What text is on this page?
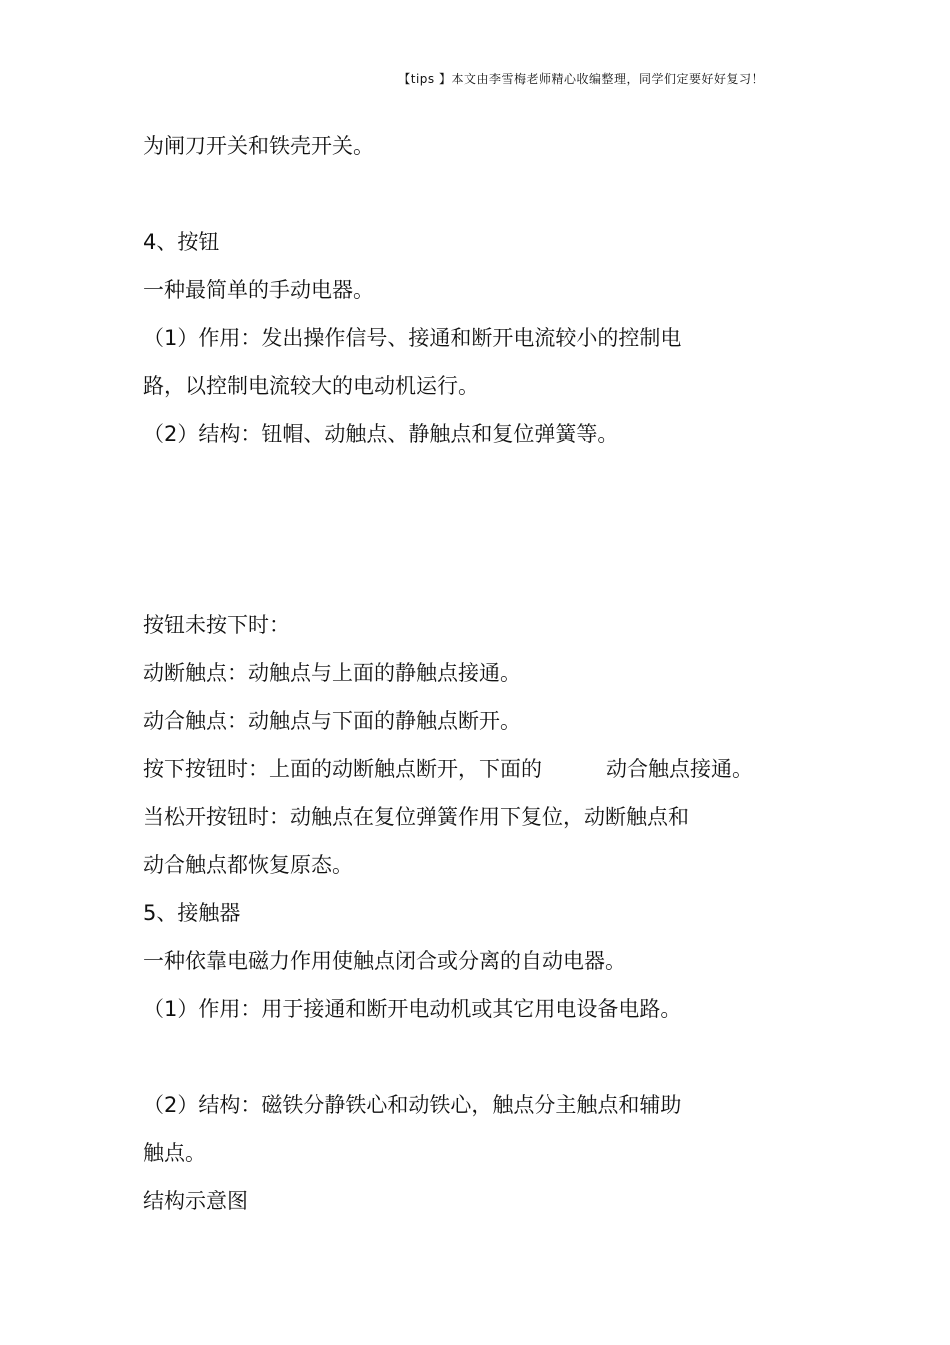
【tips 】本文由李雪梅老师精心收编整理，同学们定要好好复习！
为闸刀开关和铁壳开关。
4、按钮
一种最简单的手动电器。
（1）作用：发出操作信号、接通和断开电流较小的控制电
路，以控制电流较大的电动机运行。
（2）结构：钮帽、动触点、静触点和复位弹簧等。
按钮未按下时：
动断触点：动触点与上面的静触点接通。
动合触点：动触点与下面的静触点断开。
按下按钮时：上面的动断触点断开，下面的	动合触点接通。
当松开按钮时：动触点在复位弹簧作用下复位，动断触点和
动合触点都恢复原态。
5、接触器
一种依靠电磁力作用使触点闭合或分离的自动电器。
（1）作用：用于接通和断开电动机或其它用电设备电路。
（2）结构：磁铁分静铁心和动铁心，触点分主触点和辅助
触点。
结构示意图
